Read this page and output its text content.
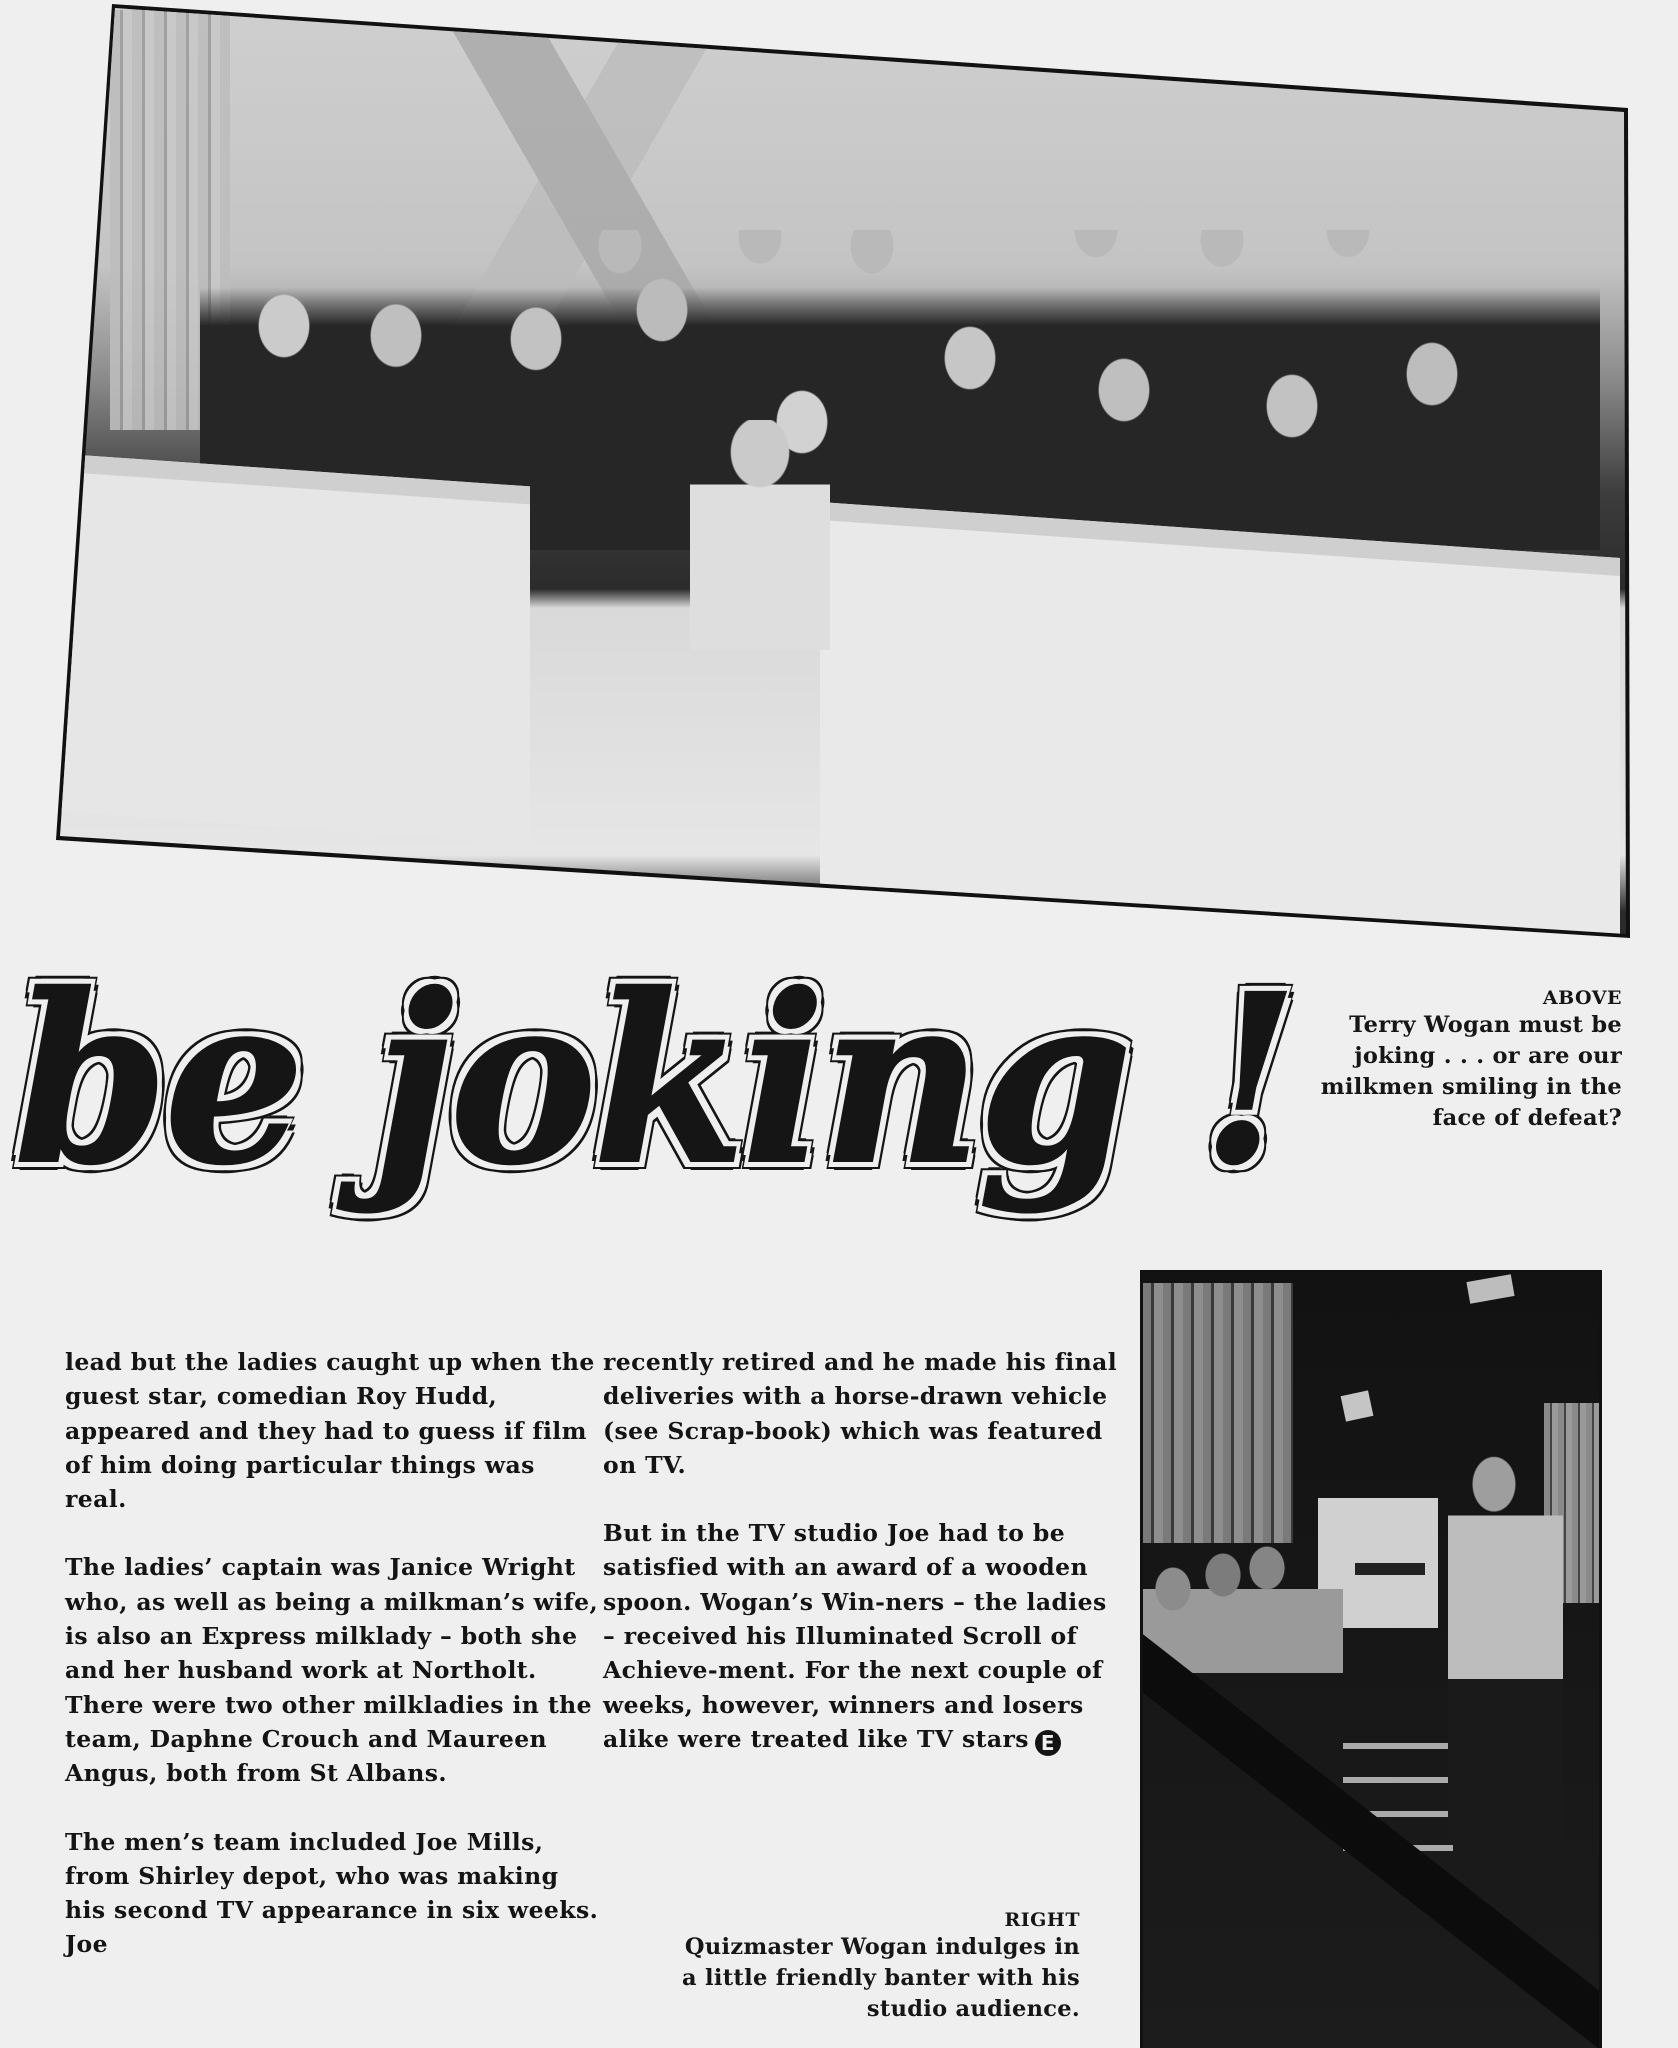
be joking !	ABOVE
Terry Wogan must be joking . . . or are our milkmen smiling in the face of defeat?

lead but the ladies caught up when the guest star, comedian Roy Hudd, appeared and they had to guess if film of him doing particular things was real.

The ladies’ captain was Janice Wright who, as well as being a milkman’s wife, is also an Express milklady – both she and her husband work at Northolt. There were two other milkladies in the team, Daphne Crouch and Maureen Angus, both from St Albans.

The men’s team included Joe Mills, from Shirley depot, who was making his second TV appearance in six weeks. Joe

recently retired and he made his final deliveries with a horse-drawn vehicle (see Scrap-book) which was featured on TV.

But in the TV studio Joe had to be satisfied with an award of a wooden spoon. Wogan’s Win-ners – the ladies – received his Illuminated Scroll of Achieve-ment. For the next couple of weeks, however, winners and losers alike were treated like TV stars E

RIGHT
Quizmaster Wogan indulges in a little friendly banter with his studio audience.
